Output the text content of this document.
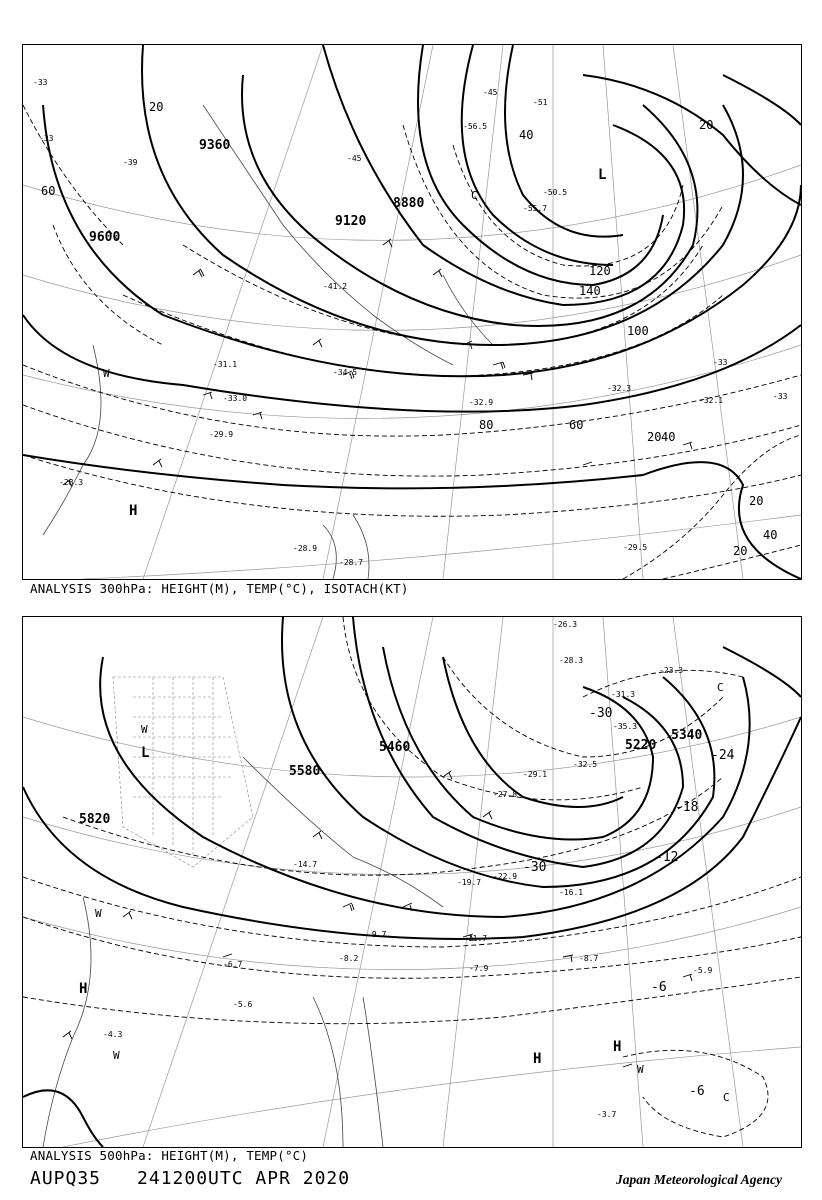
9600
9360
9120
8880
20
60
80
100
120
140
40
40
20
60
20
20
40
20
-33
-33
-45
-51
-55.7
-56.5
-50.5
-41.2
-34.5
-32.9
-29.9
-28.3
-31.1
-33.0
-32.3
-32.1
-29.5
-28.9
-28.7
-33
-33
-39	-45
H
L
C
W
ANALYSIS 300hPa: HEIGHT(M), TEMP(°C), ISOTACH(KT)
5820
5580
5460
5340
5220
-30
-24
-18
-12
-6
-6
-30
-32.5
-35.3
-31.3
-28.3
-26.3
-23.3
-19.7
-16.1
-11.7
-8.7
-7.9	-5.9
-4.3
-3.7
-5.6
-6.7
-8.2
-9.7
-14.7
-22.9
-27.8
-29.1
H
H
H
L
C
C
W
W
W
W
ANALYSIS 500hPa: HEIGHT(M), TEMP(°C)
AUPQ35 241200UTC APR 2020	Japan Meteorological Agency
